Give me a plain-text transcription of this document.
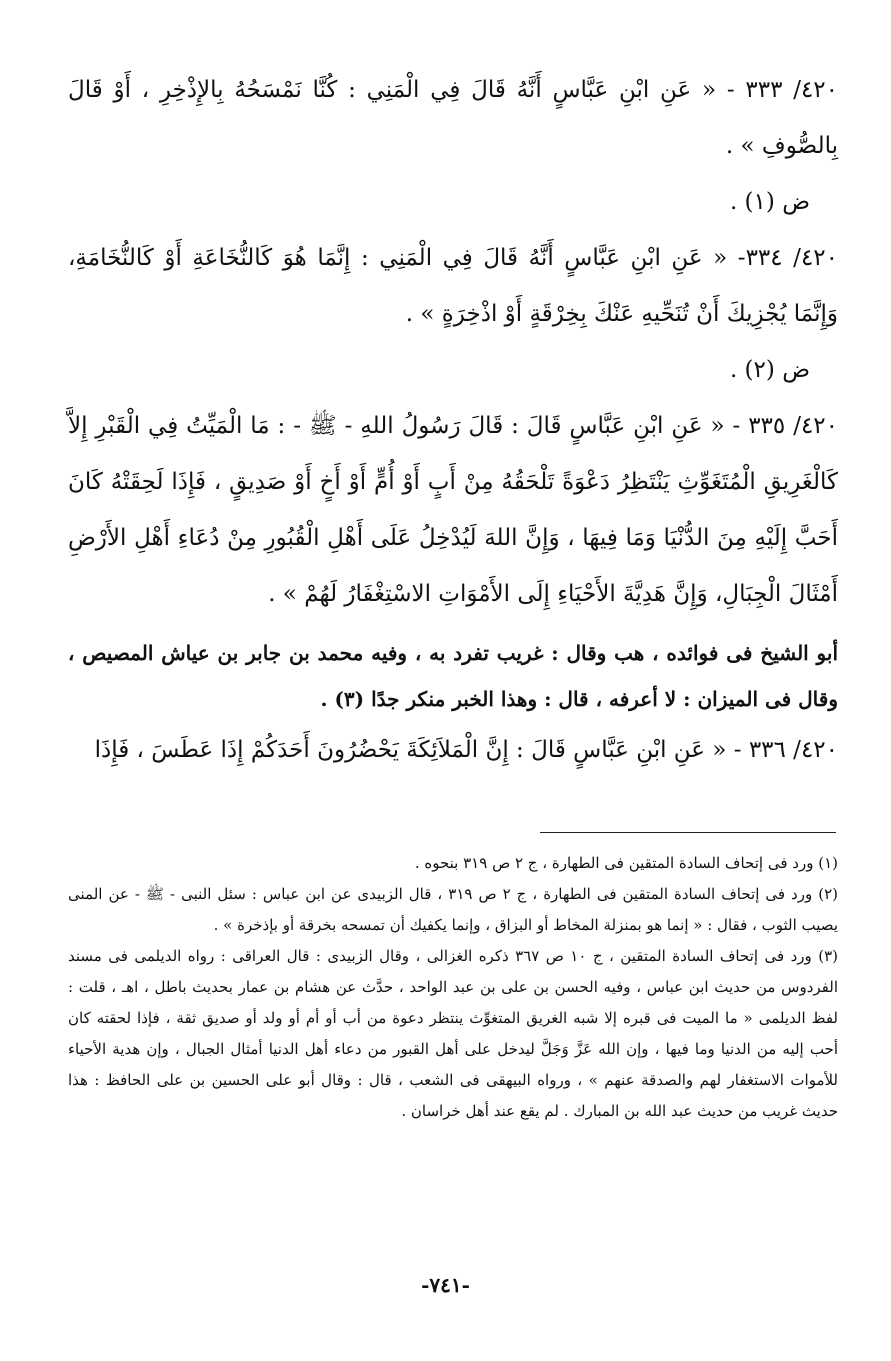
٤٢٠/ ٣٣٣ - « عَنِ ابْنِ عَبَّاسٍ أَنَّهُ قَالَ فِي الْمَنِي : كُنَّا نَمْسَحُهُ بِالإِذْخِرِ ، أَوْ قَالَ بِالصُّوفِ » .

ض (١) .

٤٢٠/ ٣٣٤- « عَنِ ابْنِ عَبَّاسٍ أَنَّهُ قَالَ فِي الْمَنِي : إِنَّمَا هُوَ كَالنُّخَاعَةِ أَوْ كَالنُّخَامَةِ، وَإِنَّمَا يُجْزِيكَ أَنْ تُنَحِّيهِ عَنْكَ بِخِرْقَةٍ أَوْ اذْخِرَةٍ » .

ض (٢) .

٤٢٠/ ٣٣٥ - « عَنِ ابْنِ عَبَّاسٍ قَالَ : قَالَ رَسُولُ اللهِ - ﷺ - : مَا الْمَيِّتُ فِي الْقَبْرِ إِلاَّ كَالْغَرِيقِ الْمُتَغَوِّثِ يَنْتَظِرُ دَعْوَةً تَلْحَقُهُ مِنْ أَبٍ أَوْ أُمٍّ أَوْ أَخٍ أَوْ صَدِيقٍ ، فَإِذَا لَحِقَتْهُ كَانَ أَحَبَّ إِلَيْهِ مِنَ الدُّنْيَا وَمَا فِيهَا ، وَإِنَّ اللهَ لَيُدْخِلُ عَلَى أَهْلِ الْقُبُورِ مِنْ دُعَاءِ أَهْلِ الأَرْضِ أَمْثَالَ الْجِبَالِ، وَإِنَّ هَدِيَّةَ الأَحْيَاءِ إِلَى الأَمْوَاتِ الاسْتِغْفَارُ لَهُمْ » .

أبو الشيخ فى فوائده ، هب وقال : غريب تفرد به ، وفيه محمد بن جابر بن عياش المصيص ، وقال فى الميزان : لا أعرفه ، قال : وهذا الخبر منكر جدًا (٣) .

٤٢٠/ ٣٣٦ - « عَنِ ابْنِ عَبَّاسٍ قَالَ : إِنَّ الْمَلاَئِكَةَ يَحْضُرُونَ أَحَدَكُمْ إِذَا عَطَسَ ، فَإِذَا

(١) ورد فى إتحاف السادة المتقين فى الطهارة ، ج ٢ ص ٣١٩ بنحوه .

(٢) ورد فى إتحاف السادة المتقين فى الطهارة ، ج ٢ ص ٣١٩ ، قال الزبيدى عن ابن عباس : سئل النبى - ﷺ - عن المنى يصيب الثوب ، فقال : « إنما هو بمنزلة المخاط أو البزاق ، وإنما يكفيك أن تمسحه بخرقة أو بإذخرة » .

(٣) ورد فى إتحاف السادة المتقين ، ج ١٠ ص ٣٦٧ ذكره الغزالى ، وقال الزبيدى : قال العراقى : رواه الديلمى فى مسند الفردوس من حديث ابن عباس ، وفيه الحسن بن على بن عبد الواحد ، حدَّث عن هشام بن عمار بحديث باطل ، اهـ ، قلت : لفظ الديلمى « ما الميت فى قبره إلا شبه الغريق المتغوِّث ينتظر دعوة من أب أو أم أو ولد أو صديق ثقة ، فإذا لحقته كان أحب إليه من الدنيا وما فيها ، وإن الله عَزَّ وَجَلَّ ليدخل على أهل القبور من دعاء أهل الدنيا أمثال الجبال ، وإن هدية الأحياء للأموات الاستغفار لهم والصدقة عنهم » ، ورواه البيهقى فى الشعب ، قال : وقال أبو على الحسين بن على الحافظ : هذا حديث غريب من حديث عبد الله بن المبارك . لم يقع عند أهل خراسان .

-٧٤١-
